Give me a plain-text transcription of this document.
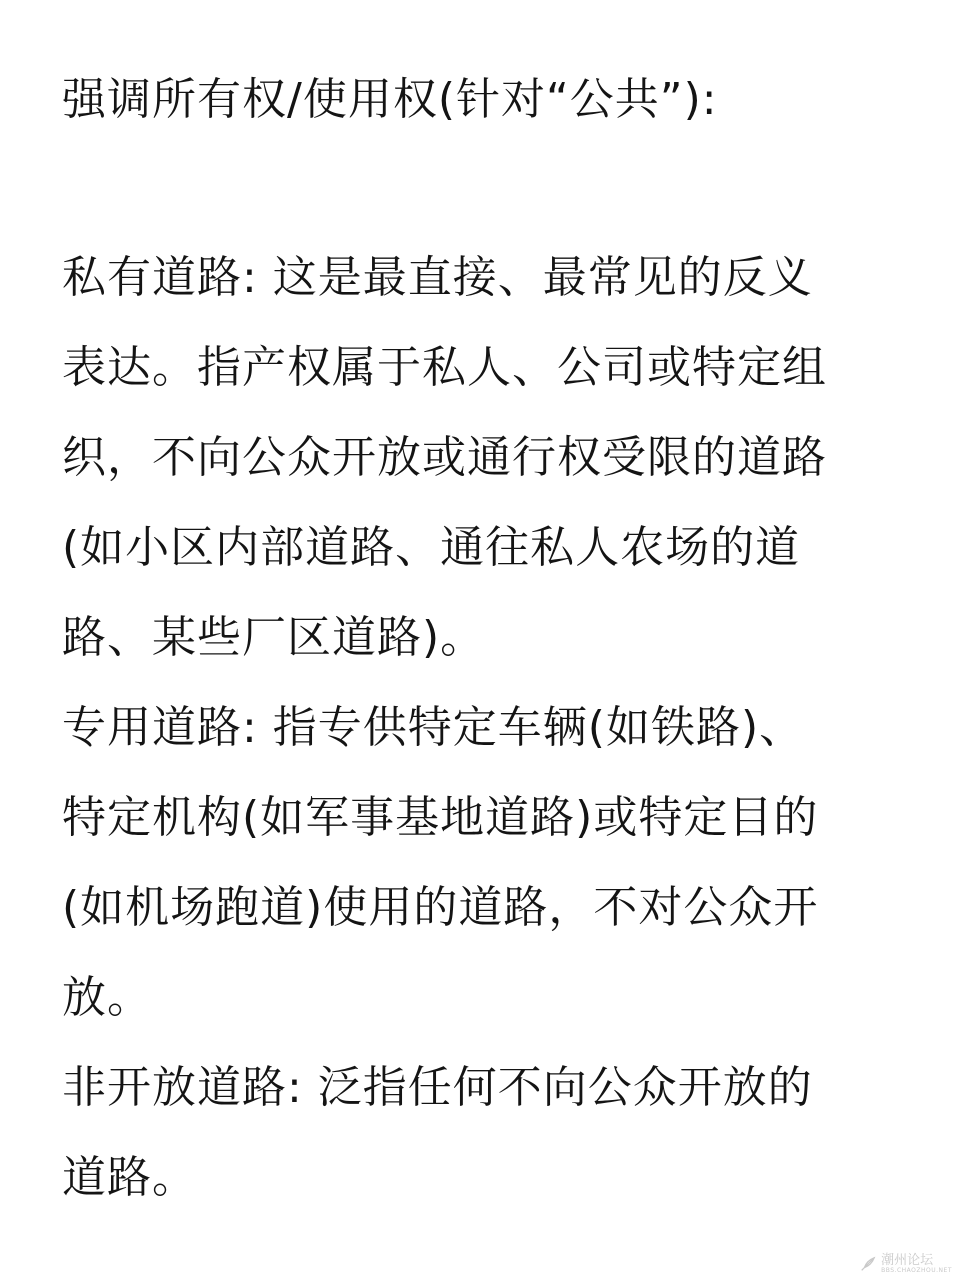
强调所有权/使用权(针对“公共”):
私有道路: 这是最直接、最常见的反义
表达。指产权属于私人、公司或特定组
织，不向公众开放或通行权受限的道路
(如小区内部道路、通往私人农场的道
路、某些厂区道路)。
专用道路: 指专供特定车辆(如铁路)、
特定机构(如军事基地道路)或特定目的
(如机场跑道)使用的道路，不对公众开
放。
非开放道路: 泛指任何不向公众开放的
道路。
潮州论坛
BBS.CHAOZHOU.NET
